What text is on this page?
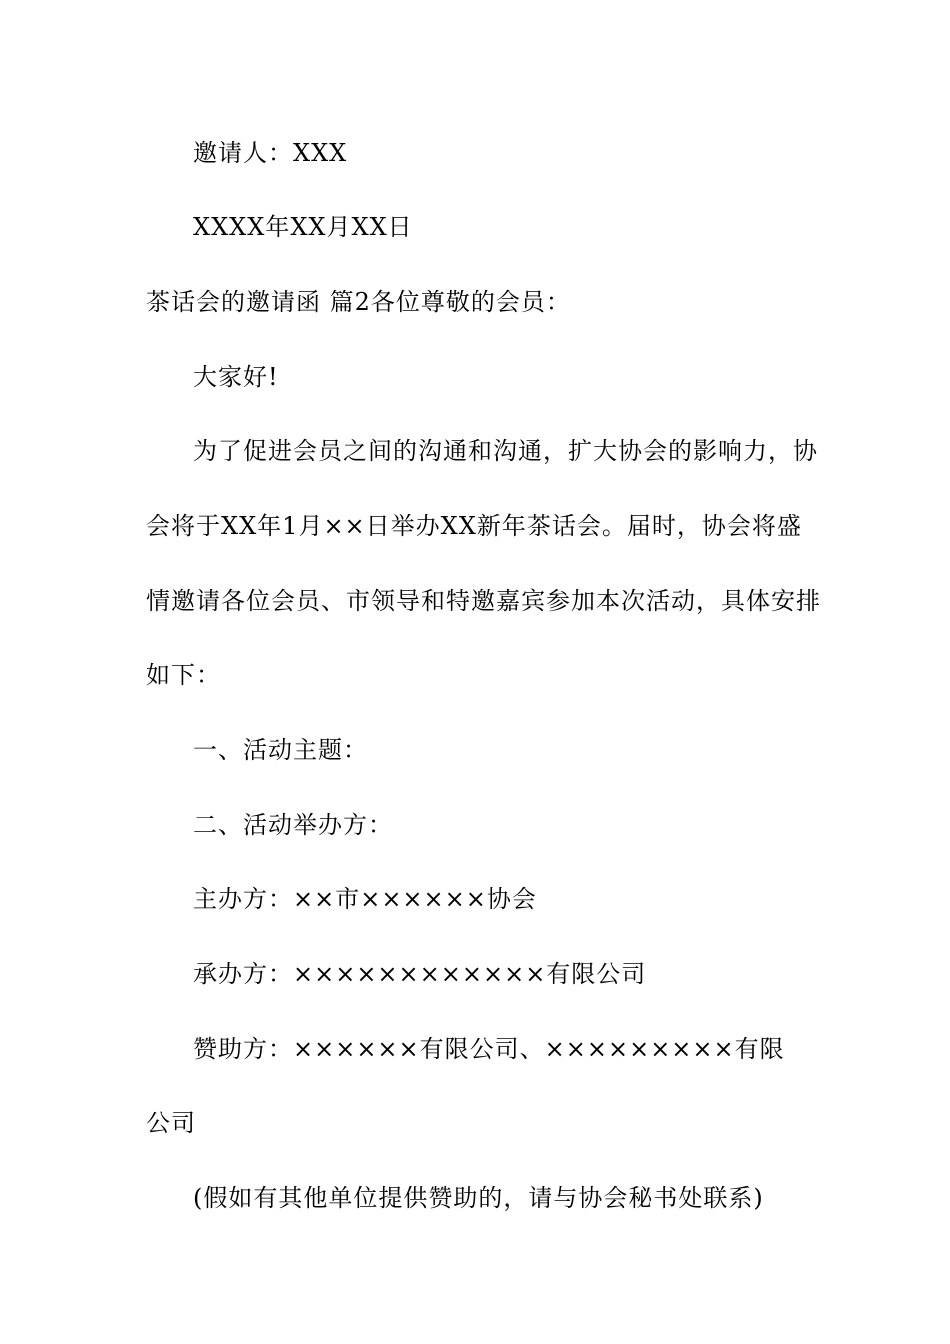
邀请人：XXX
XXXX年XX月XX日
茶话会的邀请函 篇2各位尊敬的会员：
大家好!
为了促进会员之间的沟通和沟通，扩大协会的影响力，协
会将于XX年1月××日举办XX新年茶话会。届时，协会将盛
情邀请各位会员、市领导和特邀嘉宾参加本次活动，具体安排
如下：
一、活动主题：
二、活动举办方：
主办方：××市××××××协会
承办方：××××××××××××有限公司
赞助方：××××××有限公司、×××××××××有限
公司
(假如有其他单位提供赞助的，请与协会秘书处联系)
